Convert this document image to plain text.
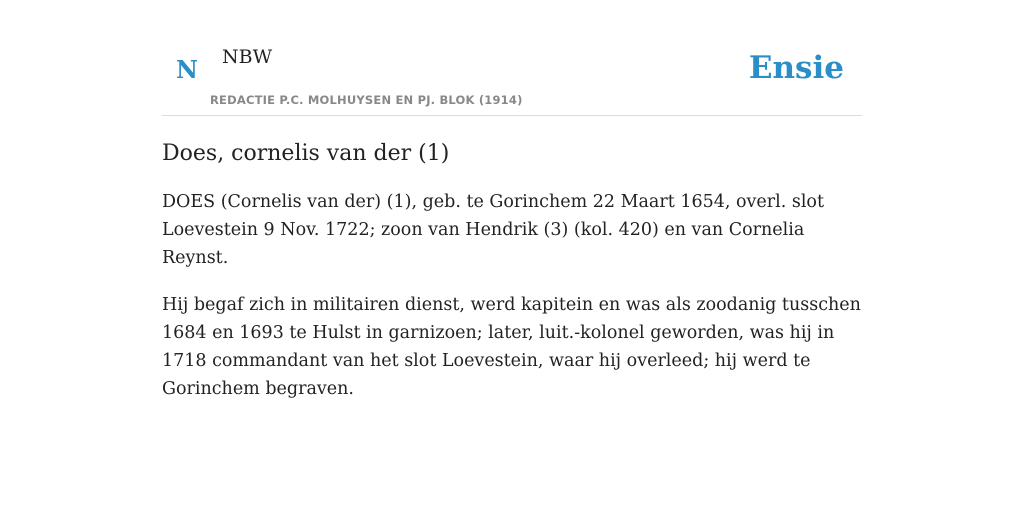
N NBW
REDACTIE P.C. MOLHUYSEN EN PJ. BLOK (1914)
Ensie
Does, cornelis van der (1)

DOES (Cornelis van der) (1), geb. te Gorinchem 22 Maart 1654, overl. slot Loevestein 9 Nov. 1722; zoon van Hendrik (3) (kol. 420) en van Cornelia Reynst.

Hij begaf zich in militairen dienst, werd kapitein en was als zoodanig tusschen 1684 en 1693 te Hulst in garnizoen; later, luit.-kolonel geworden, was hij in 1718 commandant van het slot Loevestein, waar hij overleed; hij werd te Gorinchem begraven.
